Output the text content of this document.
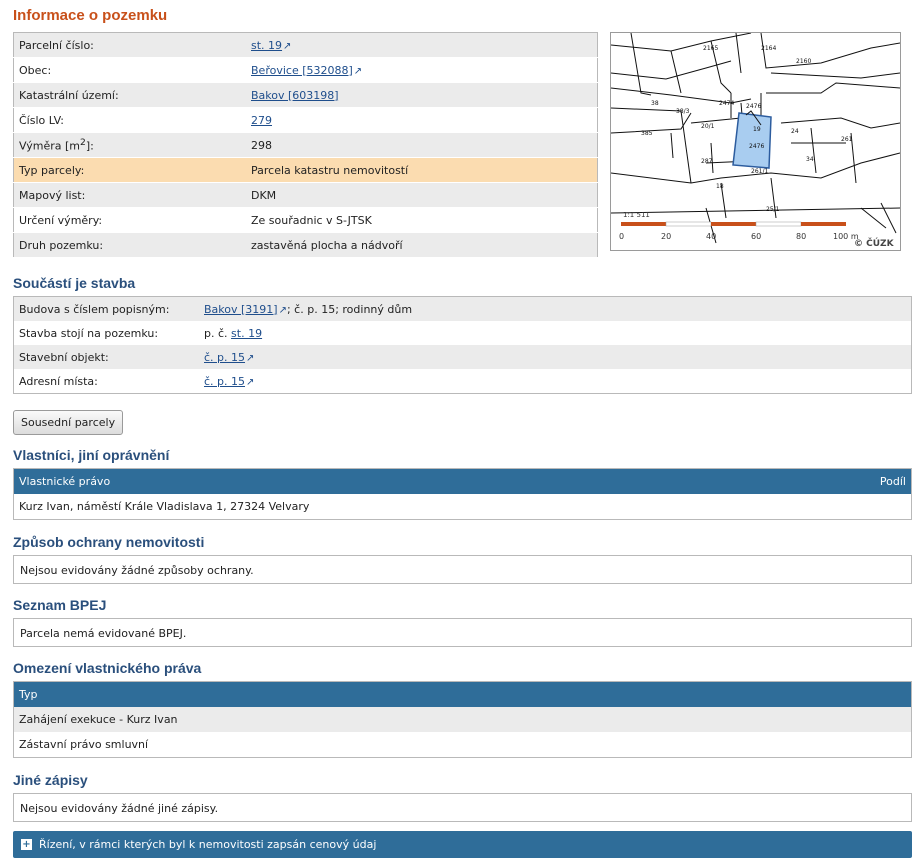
Informace o pozemku
Parcelní číslo:	st. 19↗
Obec:	Beřovice [532088]↗
Katastrální území:	Bakov [603198]
Číslo LV:	279
Výměra $[m^2]$:	298
Typ parcely:	Parcela katastru nemovitostí
Mapový list:	DKM
Určení výměry:	Ze souřadnic v S-JTSK
Druh pozemku:	zastavěná plocha a nádvoří
2165	2164
2160
38	2474 2476
19
20/1
38/3
385	24
261
34
2476
287
261/1
18
25/1
1:1 511
0	20	40	60	80	100 m
© ČÚZK
Součástí je stavba
Budova s číslem popisným:	Bakov [3191]↗; č. p. 15; rodinný dům
Stavba stojí na pozemku:	p. č. st. 19
Stavební objekt:	č. p. 15↗
Adresní místa:	č. p. 15↗
Sousední parcely
Vlastníci, jiní oprávnění
Vlastnické právo	Podíl
Kurz Ivan, náměstí Krále Vladislava 1, 27324 Velvary
Způsob ochrany nemovitosti
Nejsou evidovány žádné způsoby ochrany.
Seznam BPEJ
Parcela nemá evidované BPEJ.
Omezení vlastnického práva
Typ
Zahájení exekuce - Kurz Ivan
Zástavní právo smluvní
Jiné zápisy
Nejsou evidovány žádné jiné zápisy.
+ Řízení, v rámci kterých byl k nemovitosti zapsán cenový údaj
